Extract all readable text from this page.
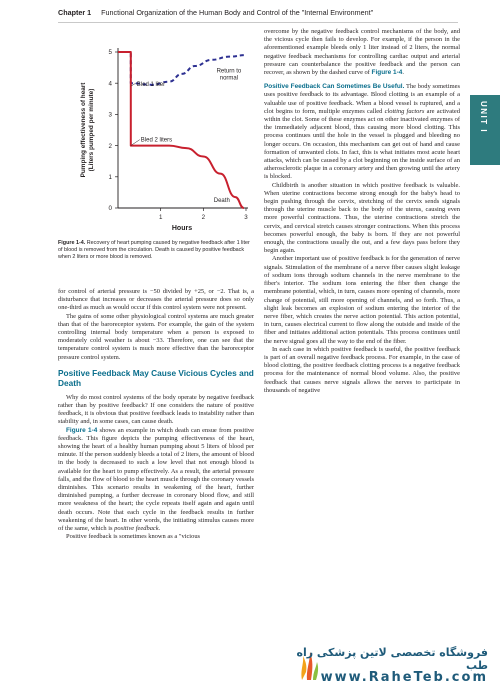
Chapter 1 Functional Organization of the Human Body and Control of the "Internal Environment"
UNIT I
0
1
2
3
4
5
1	2	3
Hours
Pumping effectiveness of heart(Liters pumped per minute)
Bled 1 liter
Bled 2 liters
Return to
normal
Death
Figure 1-4. Recovery of heart pumping caused by negative feedback after 1 liter of blood is removed from the circulation. Death is caused by positive feedback when 2 liters or more blood is removed.

for control of arterial pressure is −50 divided by +25, or −2. That is, a disturbance that increases or decreases the arterial pressure does so only one-third as much as would occur if this control system were not present.

The gains of some other physiological control systems are much greater than that of the baroreceptor system. For example, the gain of the system controlling internal body temperature when a person is exposed to moderately cold weather is about −33. Therefore, one can see that the temperature control system is much more effective than the baroreceptor pressure control system.

Positive Feedback May Cause Vicious Cycles and Death

Why do most control systems of the body operate by negative feedback rather than by positive feedback? If one considers the nature of positive feedback, it is obvious that positive feedback leads to instability rather than stability and, in some cases, can cause death.

Figure 1-4 shows an example in which death can ensue from positive feedback. This figure depicts the pumping effectiveness of the heart, showing the heart of a healthy human pumping about 5 liters of blood per minute. If the person suddenly bleeds a total of 2 liters, the amount of blood in the body is decreased to such a low level that not enough blood is available for the heart to pump effectively. As a result, the arterial pressure falls, and the flow of blood to the heart muscle through the coronary vessels diminishes. This scenario results in weakening of the heart, further diminished pumping, a further decrease in coronary blood flow, and still more weakness of the heart; the cycle repeats itself again and again until death occurs. Note that each cycle in the feedback results in further weakening of the heart. In other words, the initiating stimulus causes more of the same, which is positive feedback.

Positive feedback is sometimes known as a "vicious

overcome by the negative feedback control mechanisms of the body, and the vicious cycle then fails to develop. For example, if the person in the aforementioned example bleeds only 1 liter instead of 2 liters, the normal negative feedback mechanisms for controlling cardiac output and arterial pressure can counterbalance the positive feedback and the person can recover, as shown by the dashed curve of Figure 1-4.

Positive Feedback Can Sometimes Be Useful. The body sometimes uses positive feedback to its advantage. Blood clotting is an example of a valuable use of positive feedback. When a blood vessel is ruptured, and a clot begins to form, multiple enzymes called clotting factors are activated within the clot. Some of these enzymes act on other inactivated enzymes of the immediately adjacent blood, thus causing more blood clotting. This process continues until the hole in the vessel is plugged and bleeding no longer occurs. On occasion, this mechanism can get out of hand and cause formation of unwanted clots. In fact, this is what initiates most acute heart attacks, which can be caused by a clot beginning on the inside surface of an atherosclerotic plaque in a coronary artery and then growing until the artery is blocked.

Childbirth is another situation in which positive feedback is valuable. When uterine contractions become strong enough for the baby's head to begin pushing through the cervix, stretching of the cervix sends signals through the uterine muscle back to the body of the uterus, causing even more powerful contractions. Thus, the uterine contractions stretch the cervix, and cervical stretch causes stronger contractions. When this process becomes powerful enough, the baby is born. If they are not powerful enough, the contractions usually die out, and a few days pass before they begin again.

Another important use of positive feedback is for the generation of nerve signals. Stimulation of the membrane of a nerve fiber causes slight leakage of sodium ions through sodium channels in the nerve membrane to the fiber's interior. The sodium ions entering the fiber then change the membrane potential, which, in turn, causes more opening of channels, more change of potential, still more opening of channels, and so forth. Thus, a slight leak becomes an explosion of sodium entering the interior of the nerve fiber, which creates the nerve action potential. This action potential, in turn, causes electrical current to flow along the outside and inside of the fiber and initiates additional action potentials. This process continues until the nerve signal goes all the way to the end of the fiber.

In each case in which positive feedback is useful, the positive feedback is part of an overall negative feedback process. For example, in the case of blood clotting, the positive feedback clotting process is a negative feedback process for the maintenance of normal blood volume. Also, the positive feedback that causes nerve signals allows the nerves to participate in thousands of negative

فروشگاه تخصصی لاتین پزشکی راه طب
www.RaheTeb.com
